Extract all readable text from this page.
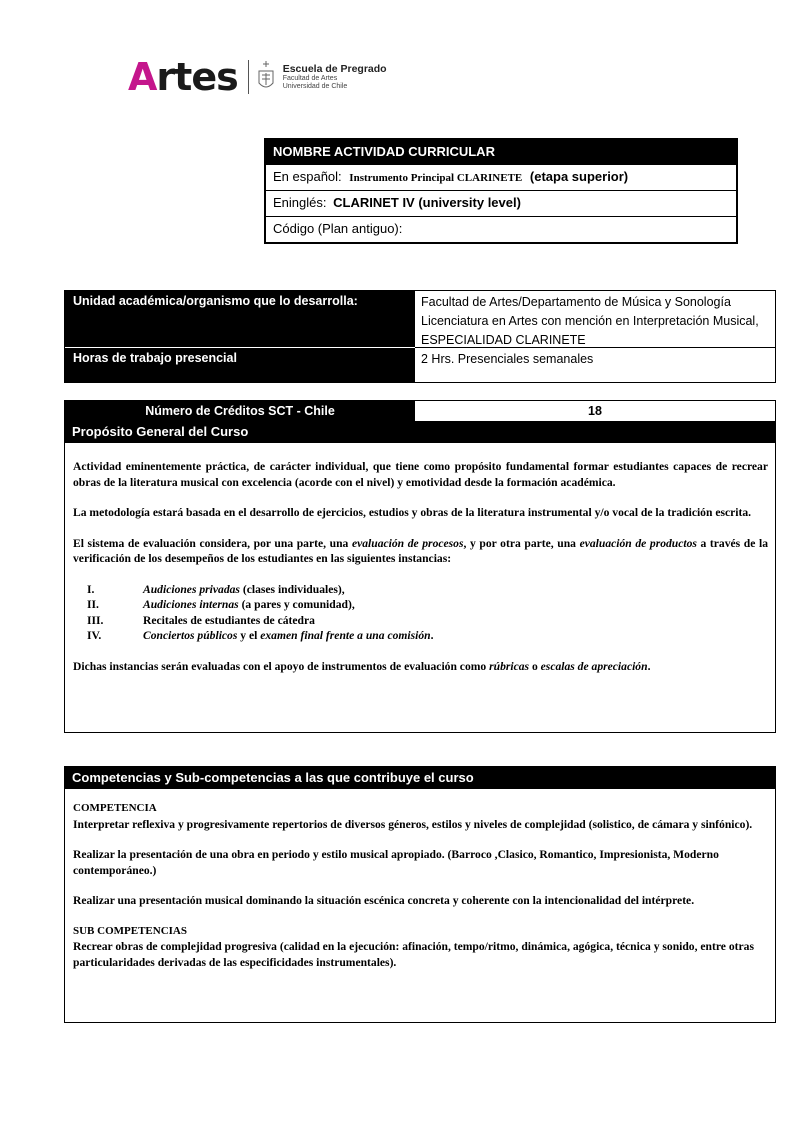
Artes	Escuela de Pregrado
Facultad de Artes
Universidad de Chile
NOMBRE ACTIVIDAD CURRICULAR
En español: Instrumento Principal CLARINETE (etapa superior)
Eninglés: CLARINET IV (university level)
Código (Plan antiguo):
Unidad académica/organismo que lo desarrolla:	Facultad de Artes/Departamento de Música y Sonología Licenciatura en Artes con mención en Interpretación Musical, ESPECIALIDAD CLARINETE
Horas de trabajo presencial	2 Hrs. Presenciales semanales
Número de Créditos SCT - Chile	18
Propósito General del Curso

Actividad eminentemente práctica, de carácter individual, que tiene como propósito fundamental formar estudiantes capaces de recrear obras de la literatura musical con excelencia (acorde con el nivel) y emotividad desde la formación académica.

La metodología estará basada en el desarrollo de ejercicios, estudios y obras de la literatura instrumental y/o vocal de la tradición escrita.

El sistema de evaluación considera, por una parte, una evaluación de procesos, y por otra parte, una evaluación de productos a través de la verificación de los desempeños de los estudiantes en las siguientes instancias:

I.	Audiciones privadas (clases individuales),
II.	Audiciones internas (a pares y comunidad),
III.	Recitales de estudiantes de cátedra
IV.	Conciertos públicos y el examen final frente a una comisión.

Dichas instancias serán evaluadas con el apoyo de instrumentos de evaluación como rúbricas o escalas de apreciación.

Competencias y Sub-competencias a las que contribuye el curso
COMPETENCIA
Interpretar reflexiva y progresivamente repertorios de diversos géneros, estilos y niveles de complejidad (solistico, de cámara y sinfónico).
Realizar la presentación de una obra en periodo y estilo musical apropiado. (Barroco ,Clasico, Romantico, Impresionista, Moderno contemporáneo.)
Realizar una presentación musical dominando la situación escénica concreta y coherente con la intencionalidad del intérprete.
SUB COMPETENCIAS
Recrear obras de complejidad progresiva (calidad en la ejecución: afinación, tempo/ritmo, dinámica, agógica, técnica y sonido, entre otras particularidades derivadas de las especificidades instrumentales).
